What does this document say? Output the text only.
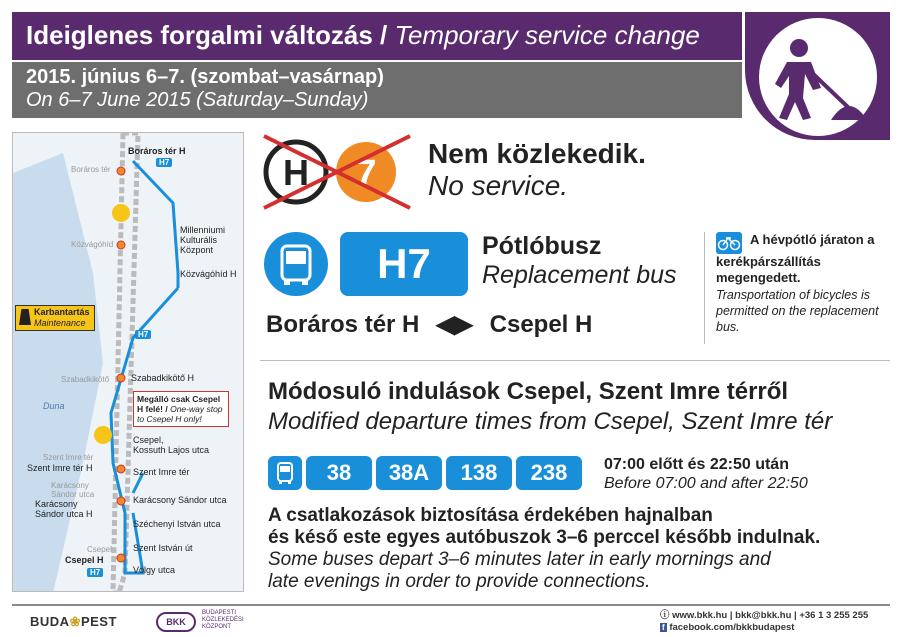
Ideiglenes forgalmi változás / Temporary service change
2015. június 6–7. (szombat–vasárnap)
On 6–7 June 2015 (Saturday–Sunday)
Boráros tér H
H7
Boráros tér
Közvágóhíd
Millenniumi
Kulturális
Központ
Közvágóhíd H
Karbantartás
Maintenance
H7
Szabadkikötő Szabadkikötő H
Duna
Megálló csak Csepel H felé! / One-way stop to Csepel H only!
Csepel,
Kossuth Lajos utca
Szent Imre tér
Szent Imre tér H	Szent Imre tér
Karácsony
Sándor utca
Karácsony
Sándor utca H
Karácsony Sándor utca
Széchenyi István utca
Csepel Szent István út
Csepel H
H7	Völgy utca
H 7 Nem közlekedik.
No service.
H7	Pótlóbusz
Replacement bus
Boráros tér H ◀▶ Csepel H
A hévpótló járaton a kerékpárszállítás megengedett.
Transportation of bicycles is permitted on the replacement bus.
Módosuló indulások Csepel, Szent Imre térről
Modified departure times from Csepel, Szent Imre tér
38	38A	138	238	07:00 előtt és 22:50 után
Before 07:00 and after 22:50
A csatlakozások biztosítása érdekében hajnalban
és késő este egyes autóbuszok 3–6 perccel később indulnak.
Some buses depart 3–6 minutes later in early mornings and
late evenings in order to provide connections.
BUDA❀PEST	BKK
BUDAPESTI
KÖZLEKEDÉSI
KÖZPONT
ⓘ www.bkk.hu | bkk@bkk.hu | +36 1 3 255 255
f facebook.com/bkkbudapest
